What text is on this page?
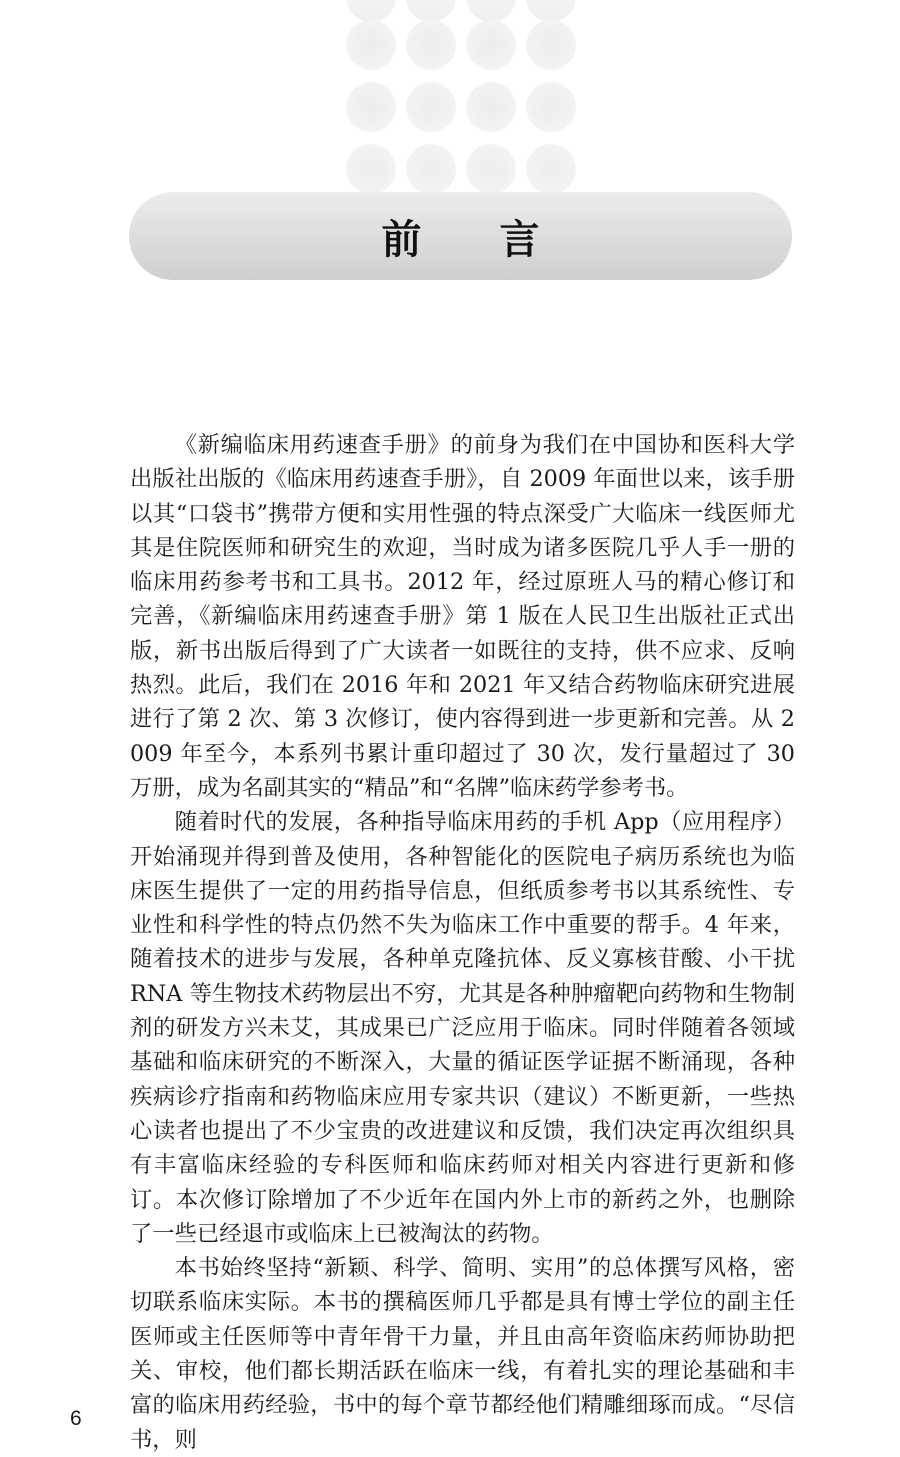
前 言

《新编临床用药速查手册》的前身为我们在中国协和医科大学出版社出版的《临床用药速查手册》，自 2009 年面世以来，该手册以其“口袋书”携带方便和实用性强的特点深受广大临床一线医师尤其是住院医师和研究生的欢迎，当时成为诸多医院几乎人手一册的临床用药参考书和工具书。2012 年，经过原班人马的精心修订和完善，《新编临床用药速查手册》第 1 版在人民卫生出版社正式出版，新书出版后得到了广大读者一如既往的支持，供不应求、反响热烈。此后，我们在 2016 年和 2021 年又结合药物临床研究进展进行了第 2 次、第 3 次修订，使内容得到进一步更新和完善。从 2009 年至今，本系列书累计重印超过了 30 次，发行量超过了 30 万册，成为名副其实的“精品”和“名牌”临床药学参考书。

随着时代的发展，各种指导临床用药的手机 App（应用程序）开始涌现并得到普及使用，各种智能化的医院电子病历系统也为临床医生提供了一定的用药指导信息，但纸质参考书以其系统性、专业性和科学性的特点仍然不失为临床工作中重要的帮手。4 年来，随着技术的进步与发展，各种单克隆抗体、反义寡核苷酸、小干扰 RNA 等生物技术药物层出不穷，尤其是各种肿瘤靶向药物和生物制剂的研发方兴未艾，其成果已广泛应用于临床。同时伴随着各领域基础和临床研究的不断深入，大量的循证医学证据不断涌现，各种疾病诊疗指南和药物临床应用专家共识（建议）不断更新，一些热心读者也提出了不少宝贵的改进建议和反馈，我们决定再次组织具有丰富临床经验的专科医师和临床药师对相关内容进行更新和修订。本次修订除增加了不少近年在国内外上市的新药之外，也删除了一些已经退市或临床上已被淘汰的药物。

本书始终坚持“新颖、科学、简明、实用”的总体撰写风格，密切联系临床实际。本书的撰稿医师几乎都是具有博士学位的副主任医师或主任医师等中青年骨干力量，并且由高年资临床药师协助把关、审校，他们都长期活跃在临床一线，有着扎实的理论基础和丰富的临床用药经验，书中的每个章节都经他们精雕细琢而成。“尽信书，则

6
